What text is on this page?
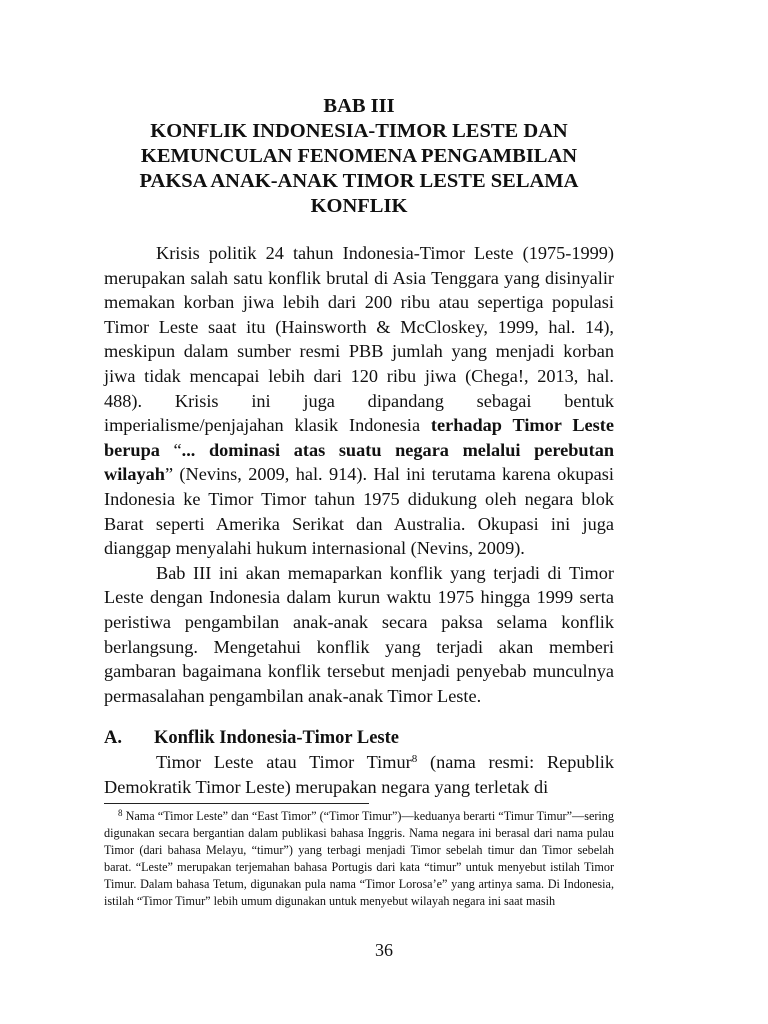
BAB III
KONFLIK INDONESIA-TIMOR LESTE DAN
KEMUNCULAN FENOMENA PENGAMBILAN
PAKSA ANAK-ANAK TIMOR LESTE SELAMA
KONFLIK

Krisis politik 24 tahun Indonesia-Timor Leste (1975-1999) merupakan salah satu konflik brutal di Asia Tenggara yang disinyalir memakan korban jiwa lebih dari 200 ribu atau sepertiga populasi Timor Leste saat itu (Hainsworth & McCloskey, 1999, hal. 14), meskipun dalam sumber resmi PBB jumlah yang menjadi korban jiwa tidak mencapai lebih dari 120 ribu jiwa (Chega!, 2013, hal. 488). Krisis ini juga dipandang sebagai bentuk imperialisme/penjajahan klasik Indonesia terhadap Timor Leste berupa “... dominasi atas suatu negara melalui perebutan wilayah” (Nevins, 2009, hal. 914). Hal ini terutama karena okupasi Indonesia ke Timor Timor tahun 1975 didukung oleh negara blok Barat seperti Amerika Serikat dan Australia. Okupasi ini juga dianggap menyalahi hukum internasional (Nevins, 2009).

Bab III ini akan memaparkan konflik yang terjadi di Timor Leste dengan Indonesia dalam kurun waktu 1975 hingga 1999 serta peristiwa pengambilan anak-anak secara paksa selama konflik berlangsung. Mengetahui konflik yang terjadi akan memberi gambaran bagaimana konflik tersebut menjadi penyebab munculnya permasalahan pengambilan anak-anak Timor Leste.

A.	Konflik Indonesia-Timor Leste

Timor Leste atau Timor Timur$^8$ (nama resmi: Republik Demokratik Timor Leste) merupakan negara yang terletak di

$^8$ Nama “Timor Leste” dan “East Timor” (“Timor Timur”)—keduanya berarti “Timur Timur”—sering digunakan secara bergantian dalam publikasi bahasa Inggris. Nama negara ini berasal dari nama pulau Timor (dari bahasa Melayu, “timur”) yang terbagi menjadi Timor sebelah timur dan Timor sebelah barat. “Leste” merupakan terjemahan bahasa Portugis dari kata “timur” untuk menyebut istilah Timor Timur. Dalam bahasa Tetum, digunakan pula nama “Timor Lorosa’e” yang artinya sama. Di Indonesia, istilah “Timor Timur” lebih umum digunakan untuk menyebut wilayah negara ini saat masih
36
